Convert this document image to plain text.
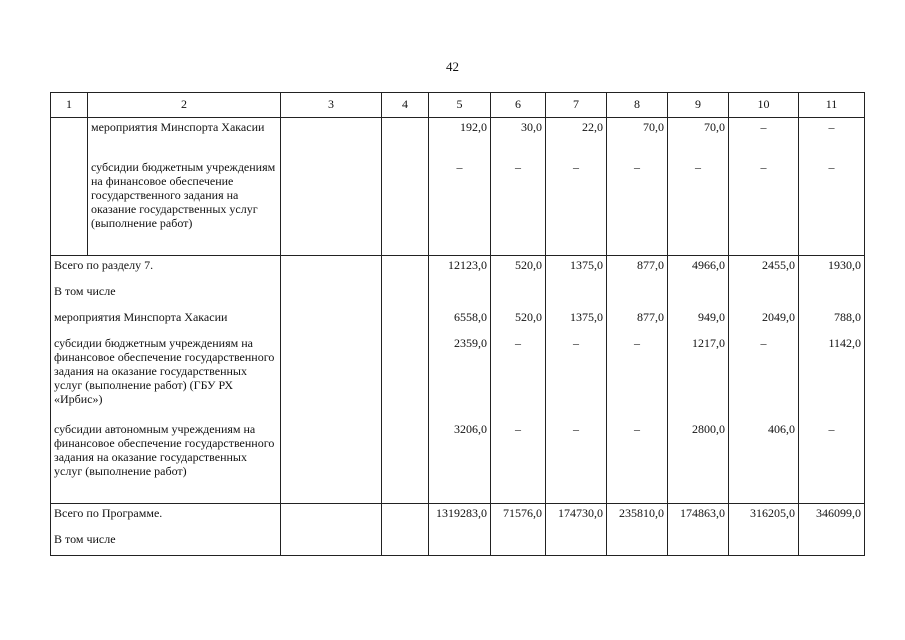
42
1	2	3	4	5	6	7	8	9	10	11
	мероприятия Минспорта Хакасии			192,0	30,0	22,0	70,0	70,0	–	–
	субсидии бюджетным учреждениям на финансовое обеспечение государственного задания на оказание государственных услуг (выполнение работ)			–	–	–	–	–	–	–
Всего по разделу 7.				12123,0	520,0	1375,0	877,0	4966,0	2455,0	1930,0
В том числе										
мероприятия Минспорта Хакасии				6558,0	520,0	1375,0	877,0	949,0	2049,0	788,0
субсидии бюджетным учреждениям на финансовое обеспечение государственного задания на оказание государственных услуг (выполнение работ) (ГБУ РХ «Ирбис»)				2359,0	–	–	–	1217,0	–	1142,0
субсидии автономным учреждениям на финансовое обеспечение государственного задания на оказание государственных услуг (выполнение работ)				3206,0	–	–	–	2800,0	406,0	–
Всего по Программе.				1319283,0	71576,0	174730,0	235810,0	174863,0	316205,0	346099,0
В том числе										
